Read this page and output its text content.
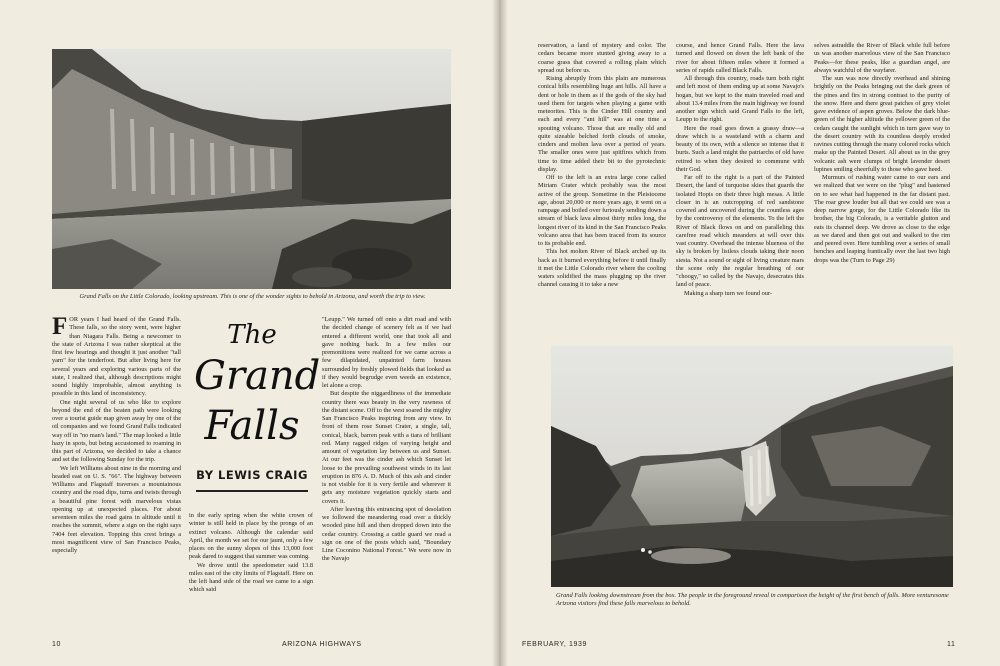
Grand Falls on the Little Colorado, looking upstream. This is one of the wonder sights to behold in Arizona, and worth the trip to view.

FOR years I had heard of the Grand Falls. These falls, so the story went, were higher than Niagara Falls. Being a newcomer to the state of Arizona I was rather skeptical at the first few hearings and thought it just another "tall yarn" for the tenderfoot. But after living here for several years and exploring various parts of the state, I realized that, although descriptions might sound highly improbable, almost anything is possible in this land of inconsistency.

One night several of us who like to explore beyond the end of the beaten path were looking over a tourist guide map given away by one of the oil companies and we found Grand Falls indicated way off in "no man's land." The map looked a little hazy in spots, but being accustomed to roaming in this part of Arizona, we decided to take a chance and set the following Sunday for the trip.

We left Williams about nine in the morning and headed east on U. S. "66". The highway between Williams and Flagstaff traverses a mountainous country and the road dips, turns and twists through a beautiful pine forest with marvelous vistas opening up at unexpected places. For about seventeen miles the road gains in altitude until it reaches the summit, where a sign on the right says 7404 feet elevation. Topping this crest brings a most magnificent view of San Francisco Peaks, especially

The

Grand

Falls

BY LEWIS CRAIG

in the early spring when the white crown of winter is still held in place by the prongs of an extinct volcano. Although the calendar said April, the month we set for our jaunt, only a few places on the sunny slopes of this 13,000 foot peak dared to suggest that summer was coming.

We drove until the speedometer said 13.8 miles east of the city limits of Flagstaff. Here on the left hand side of the road we came to a sign which said

"Leupp." We turned off onto a dirt road and with the decided change of scenery felt as if we had entered a different world, one that took all and gave nothing back. In a few miles our premonitions were realized for we came across a few dilapidated, unpainted farm houses surrounded by freshly plowed fields that looked as if they would begrudge even weeds an existence, let alone a crop.

But despite the niggardliness of the immediate country there was beauty in the very rawness of the distant scene. Off to the west soared the mighty San Francisco Peaks inspiring from any view. In front of them rose Sunset Crater, a single, tall, conical, black, barren peak with a tiara of brilliant red. Many ragged ridges of varying height and amount of vegetation lay between us and Sunset. At our feet was the cinder ash which Sunset let loose to the prevailing southwest winds in its last eruption in 876 A. D. Much of this ash and cinder is not visible for it is very fertile and wherever it gets any moisture vegetation quickly starts and covers it.

After leaving this entrancing spot of desolation we followed the meandering road over a thickly wooded pine hill and then dropped down into the cedar country. Crossing a cattle guard we read a sign on one of the posts which said, "Boundary Line Coconino National Forest." We were now in the Navajo

10	ARIZONA HIGHWAYS

reservation, a land of mystery and color. The cedars became more stunted giving away to a coarse grass that covered a rolling plain which spread out before us.

Rising abruptly from this plain are numerous conical hills resembling huge ant hills. All have a dent or hole in them as if the gods of the sky had used them for targets when playing a game with meteorites. This is the Cinder Hill country and each and every "ant hill" was at one time a spouting volcano. Those that are really old and quite sizeable belched forth clouds of smoke, cinders and molten lava over a period of years. The smaller ones were just spitfires which from time to time added their bit to the pyrotechnic display.

Off to the left is an extra large cone called Miriam Crater which probably was the most active of the group. Sometime in the Pleistocene age, about 20,000 or more years ago, it went on a rampage and boiled over furiously sending down a stream of black lava almost thirty miles long, the longest river of its kind in the San Francisco Peaks volcano area that has been traced from its source to its probable end.

This hot molten River of Black arched up its back as it burned everything before it until finally it met the Little Colorado river where the cooling waters solidified the mass plugging up the river channel causing it to take a new

course, and hence Grand Falls. Here the lava turned and flowed on down the left bank of the river for about fifteen miles where it formed a series of rapids called Black Falls.

All through this country, roads turn both right and left most of them ending up at some Navajo's hogan, but we kept to the main traveled road and about 13.4 miles from the main highway we found another sign which said Grand Falls to the left, Leupp to the right.

Here the road goes down a grassy draw—a draw which is a wasteland with a charm and beauty of its own, with a silence so intense that it hurts. Such a land might the patriarchs of old have retired to when they desired to commune with their God.

Far off to the right is a part of the Painted Desert, the land of turquoise skies that guards the isolated Hopis on their three high mesas. A little closer in is an outcropping of red sandstone covered and uncovered during the countless ages by the controversy of the elements. To the left the River of Black flows on and on paralleling this carefree road which meanders at will over this vast country. Overhead the intense blueness of the sky is broken by listless clouds taking their noon siesta. Not a sound or sight of living creature mars the scene only the regular breathing of our "choogy," so called by the Navajo, desecrates this land of peace.

Making a sharp turn we found our-

selves astraddle the River of Black while full before us was another marvelous view of the San Francisco Peaks—for these peaks, like a guardian angel, are always watchful of the wayfarer.

The sun was now directly overhead and shining brightly on the Peaks bringing out the dark green of the pines and firs in strong contrast to the purity of the snow. Here and there great patches of grey violet gave evidence of aspen groves. Below the dark blue-green of the higher altitude the yellower green of the cedars caught the sunlight which in turn gave way to the desert country with its countless deeply eroded ravines cutting through the many colored rocks which make up the Painted Desert. All about us in the grey volcanic ash were clumps of bright lavender desert lupines smiling cheerfully to those who gave heed.

Murmurs of rushing water came to our ears and we realized that we were on the "plug" and hastened on to see what had happened in the far distant past. The roar grew louder but all that we could see was a deep narrow gorge, for the Little Colorado like its brother, the big Colorado, is a veritable glutton and eats its channel deep. We drove as close to the edge as we dared and then got out and walked to the rim and peered over. Here tumbling over a series of small benches and leaping frantically over the last two high drops was the (Turn to Page 29)

Grand Falls looking downstream from the box. The people in the foreground reveal in comparison the height of the first bench of falls. More venturesome Arizona visitors find these falls marvelous to behold.

FEBRUARY, 1939	11
